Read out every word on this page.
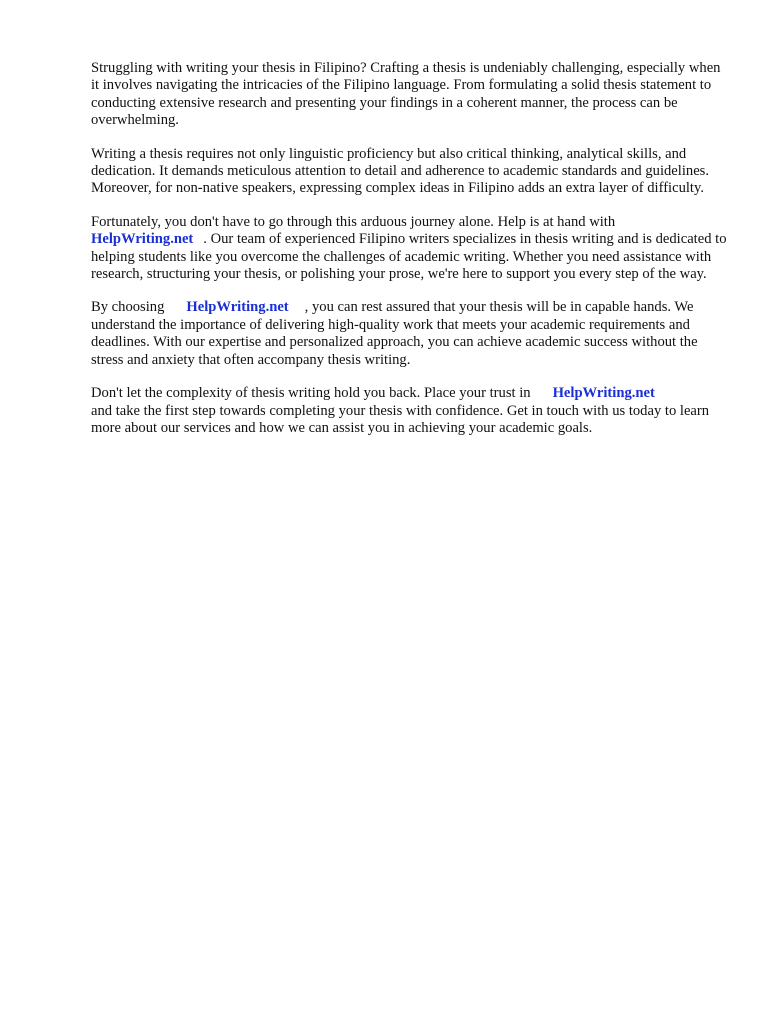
Struggling with writing your thesis in Filipino? Crafting a thesis is undeniably challenging, especially when it involves navigating the intricacies of the Filipino language. From formulating a solid thesis statement to conducting extensive research and presenting your findings in a coherent manner, the process can be overwhelming.

Writing a thesis requires not only linguistic proficiency but also critical thinking, analytical skills, and dedication. It demands meticulous attention to detail and adherence to academic standards and guidelines. Moreover, for non-native speakers, expressing complex ideas in Filipino adds an extra layer of difficulty.

Fortunately, you don't have to go through this arduous journey alone. Help is at hand with
HelpWriting.net . Our team of experienced Filipino writers specializes in thesis writing and is dedicated to helping students like you overcome the challenges of academic writing. Whether you need assistance with research, structuring your thesis, or polishing your prose, we're here to support you every step of the way.

By choosing HelpWriting.net , you can rest assured that your thesis will be in capable hands. We understand the importance of delivering high-quality work that meets your academic requirements and deadlines. With our expertise and personalized approach, you can achieve academic success without the stress and anxiety that often accompany thesis writing.

Don't let the complexity of thesis writing hold you back. Place your trust in HelpWriting.net
and take the first step towards completing your thesis with confidence. Get in touch with us today to learn more about our services and how we can assist you in achieving your academic goals.
